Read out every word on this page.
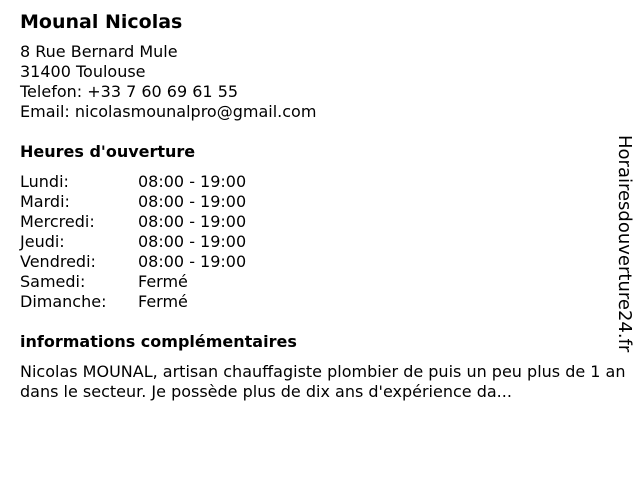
Mounal Nicolas
8 Rue Bernard Mule
31400 Toulouse
Telefon: +33 7 60 69 61 55
Email: nicolasmounalpro@gmail.com
Heures d'ouverture
Lundi:	08:00 - 19:00
Mardi:	08:00 - 19:00
Mercredi:	08:00 - 19:00
Jeudi:	08:00 - 19:00
Vendredi:	08:00 - 19:00
Samedi:	Fermé
Dimanche:	Fermé
informations complémentaires
Nicolas MOUNAL, artisan chauffagiste plombier de puis un peu plus de 1 an dans le secteur. Je possède plus de dix ans d'expérience da...
Horairesdouverture24.fr
